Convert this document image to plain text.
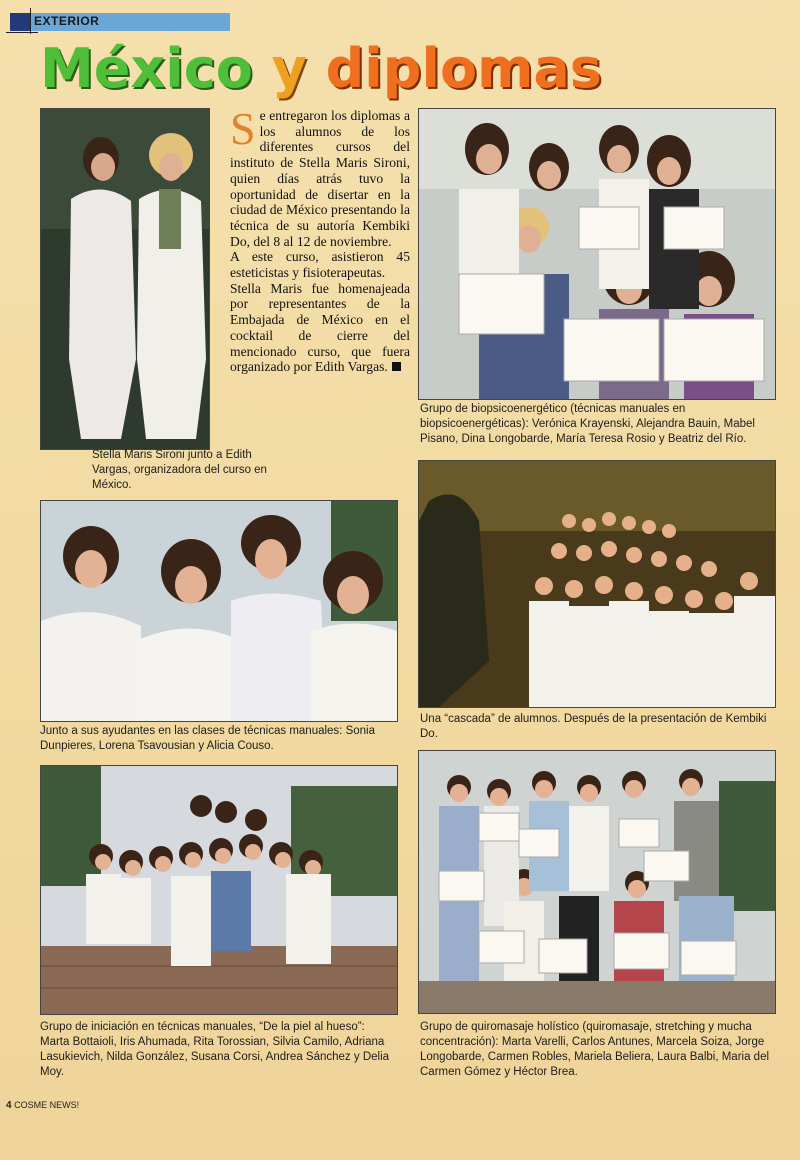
EXTERIOR
México y diplomas
Stella Maris Sironi junto a Edith Vargas, organizadora del curso en México.

Se entregaron los diplomas a los alumnos de los diferentes cursos del instituto de Stella Maris Sironi, quien días atrás tuvo la oportunidad de disertar en la ciudad de México presentando la técnica de su autoría Kembiki Do, del 8 al 12 de noviembre.

A este curso, asistieron 45 esteticistas y fisioterapeutas.

Stella Maris fue homenajeada por representantes de la Embajada de México en el cocktail de cierre del mencionado curso, que fuera organizado por Edith Vargas.

Grupo de biopsicoenergético (técnicas manuales en biopsicoenergéticas): Verónica Krayenski, Alejandra Bauin, Mabel Pisano, Dina Longobarde, María Teresa Rosio y Beatriz del Río.
Junto a sus ayudantes en las clases de técnicas manuales: Sonia Dunpieres, Lorena Tsavousian y Alicia Couso.
Una “cascada” de alumnos. Después de la presentación de Kembiki Do.
Grupo de iniciación en técnicas manuales, “De la piel al hueso”: Marta Bottaioli, Iris Ahumada, Rita Torossian, Silvia Camilo, Adriana Lasukievich, Nilda González, Susana Corsi, Andrea Sánchez y Delia Moy.
Grupo de quiromasaje holístico (quiromasaje, stretching y mucha concentración): Marta Varelli, Carlos Antunes, Marcela Soiza, Jorge Longobarde, Carmen Robles, Mariela Beliera, Laura Balbi, Maria del Carmen Gómez y Héctor Brea.
4 COSME NEWS!
